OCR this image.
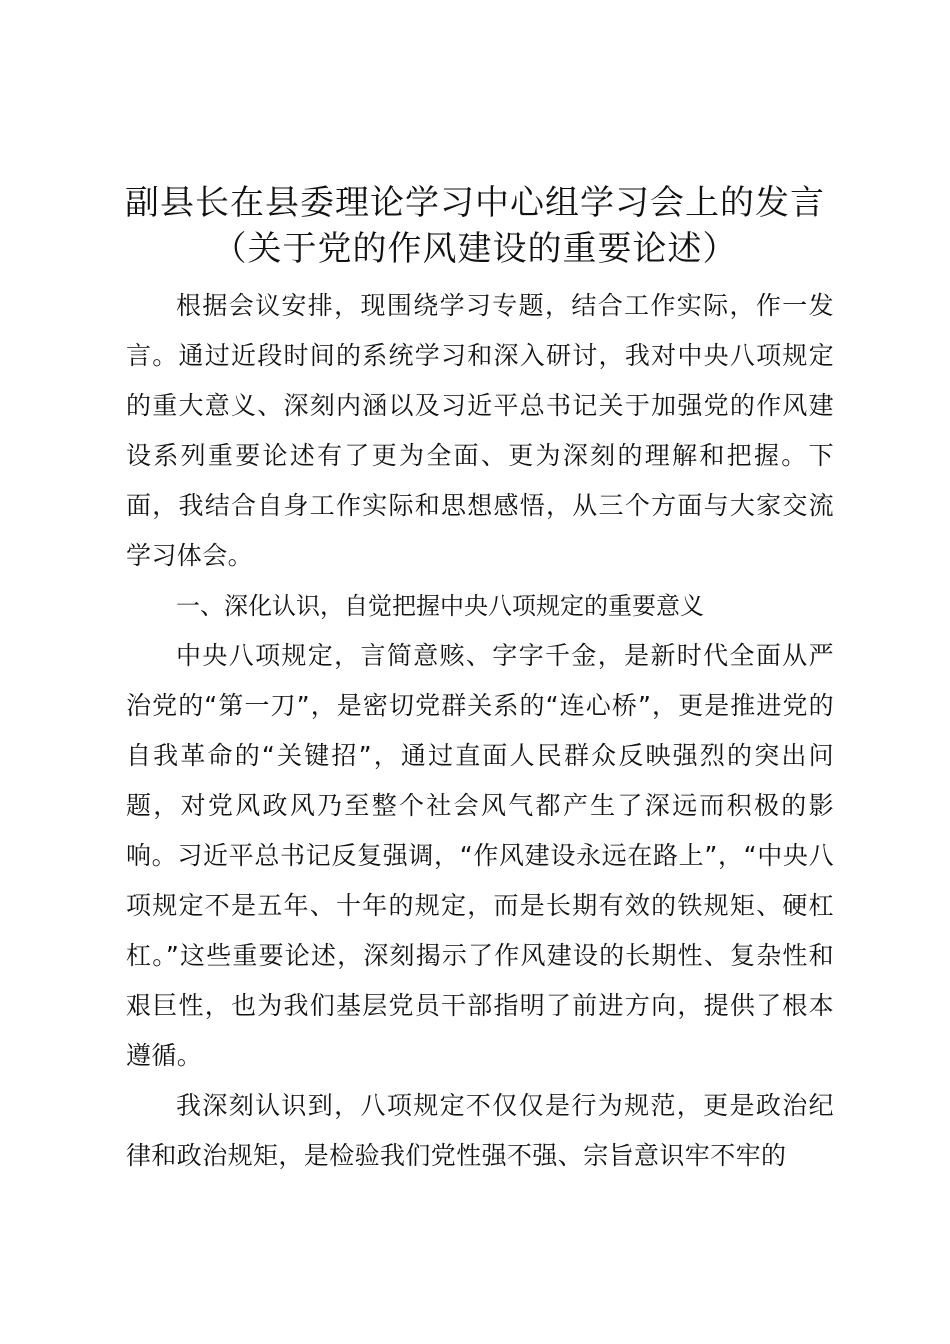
副县长在县委理论学习中心组学习会上的发言
（关于党的作风建设的重要论述）

根据会议安排，现围绕学习专题，结合工作实际，作一发言。通过近段时间的系统学习和深入研讨，我对中央八项规定的重大意义、深刻内涵以及习近平总书记关于加强党的作风建设系列重要论述有了更为全面、更为深刻的理解和把握。下面，我结合自身工作实际和思想感悟，从三个方面与大家交流学习体会。

一、深化认识，自觉把握中央八项规定的重要意义

中央八项规定，言简意赅、字字千金，是新时代全面从严治党的“第一刀”，是密切党群关系的“连心桥”，更是推进党的自我革命的“关键招”，通过直面人民群众反映强烈的突出问题，对党风政风乃至整个社会风气都产生了深远而积极的影响。习近平总书记反复强调，“作风建设永远在路上”，“中央八项规定不是五年、十年的规定，而是长期有效的铁规矩、硬杠杠。”这些重要论述，深刻揭示了作风建设的长期性、复杂性和艰巨性，也为我们基层党员干部指明了前进方向，提供了根本遵循。

我深刻认识到，八项规定不仅仅是行为规范，更是政治纪律和政治规矩，是检验我们党性强不强、宗旨意识牢不牢的
